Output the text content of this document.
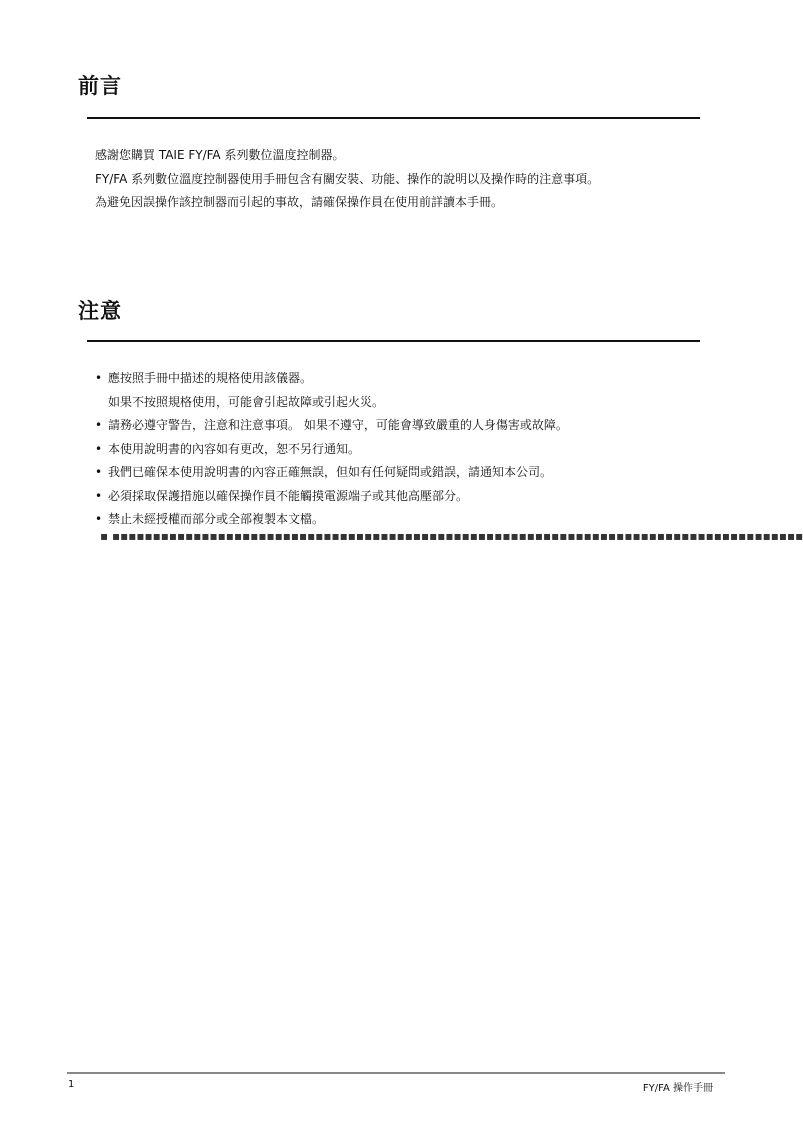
前言

感謝您購買 TAIE FY/FA 系列數位溫度控制器。

FY/FA 系列數位溫度控制器使用手冊包含有關安裝、功能、操作的說明以及操作時的注意事項。

為避免因誤操作該控制器而引起的事故，請確保操作員在使用前詳讀本手冊。

注意
• 應按照手冊中描述的規格使用該儀器。
如果不按照規格使用，可能會引起故障或引起火災。
• 請務必遵守警告，注意和注意事項。 如果不遵守，可能會導致嚴重的人身傷害或故障。
• 本使用說明書的內容如有更改，恕不另行通知。
• 我們已確保本使用說明書的內容正確無誤，但如有任何疑問或錯誤，請通知本公司。
• 必須採取保護措施以確保操作員不能觸摸電源端子或其他高壓部分。
• 禁止未經授權而部分或全部複製本文檔。
▪ ▪▪▪▪▪▪▪▪▪▪▪▪▪▪▪▪▪▪▪▪▪▪▪▪▪▪▪▪▪▪▪▪▪▪▪▪▪▪▪▪▪▪▪▪▪▪▪▪▪▪▪▪▪▪▪▪▪▪▪▪▪▪▪▪▪▪▪▪▪▪▪▪▪▪▪▪▪▪▪▪▪▪▪▪▪
1	FY/FA 操作手冊
